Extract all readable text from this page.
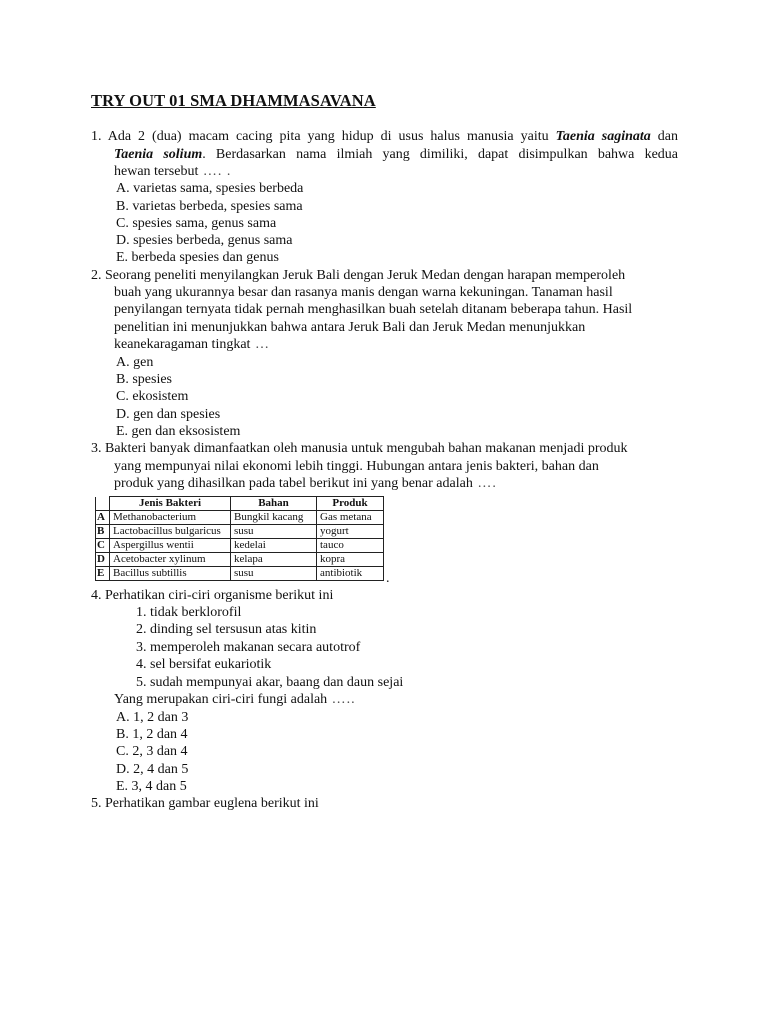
TRY OUT 01 SMA DHAMMASAVANA
1. Ada 2 (dua) macam cacing pita yang hidup di usus halus manusia yaitu Taenia saginata dan
Taenia solium. Berdasarkan nama ilmiah yang dimiliki, dapat disimpulkan bahwa kedua
hewan tersebut …. .
A. varietas sama, spesies berbeda
B. varietas berbeda, spesies sama
C. spesies sama, genus sama
D. spesies berbeda, genus sama
E. berbeda spesies dan genus
2. Seorang peneliti menyilangkan Jeruk Bali dengan Jeruk Medan dengan harapan memperoleh
buah yang ukurannya besar dan rasanya manis dengan warna kekuningan. Tanaman hasil
penyilangan ternyata tidak pernah menghasilkan buah setelah ditanam beberapa tahun. Hasil
penelitian ini menunjukkan bahwa antara Jeruk Bali dan Jeruk Medan menunjukkan
keanekaragaman tingkat …
A. gen
B. spesies
C. ekosistem
D. gen dan spesies
E. gen dan eksosistem
3. Bakteri banyak dimanfaatkan oleh manusia untuk mengubah bahan makanan menjadi produk
yang mempunyai nilai ekonomi lebih tinggi. Hubungan antara jenis bakteri, bahan dan
produk yang dihasilkan pada tabel berikut ini yang benar adalah ….
	Jenis Bakteri	Bahan	Produk
A	Methanobacterium	Bungkil kacang	Gas metana
B	Lactobacillus bulgaricus	susu	yogurt
C	Aspergillus wentii	kedelai	tauco
D	Acetobacter xylinum	kelapa	kopra
E	Bacillus subtillis	susu	antibiotik .
4. Perhatikan ciri-ciri organisme berikut ini
1. tidak berklorofil
2. dinding sel tersusun atas kitin
3. memperoleh makanan secara autotrof
4. sel bersifat eukariotik
5. sudah mempunyai akar, baang dan daun sejai
Yang merupakan ciri-ciri fungi adalah …..
A. 1, 2 dan 3
B. 1, 2 dan 4
C. 2, 3 dan 4
D. 2, 4 dan 5
E. 3, 4 dan 5
5. Perhatikan gambar euglena berikut ini
